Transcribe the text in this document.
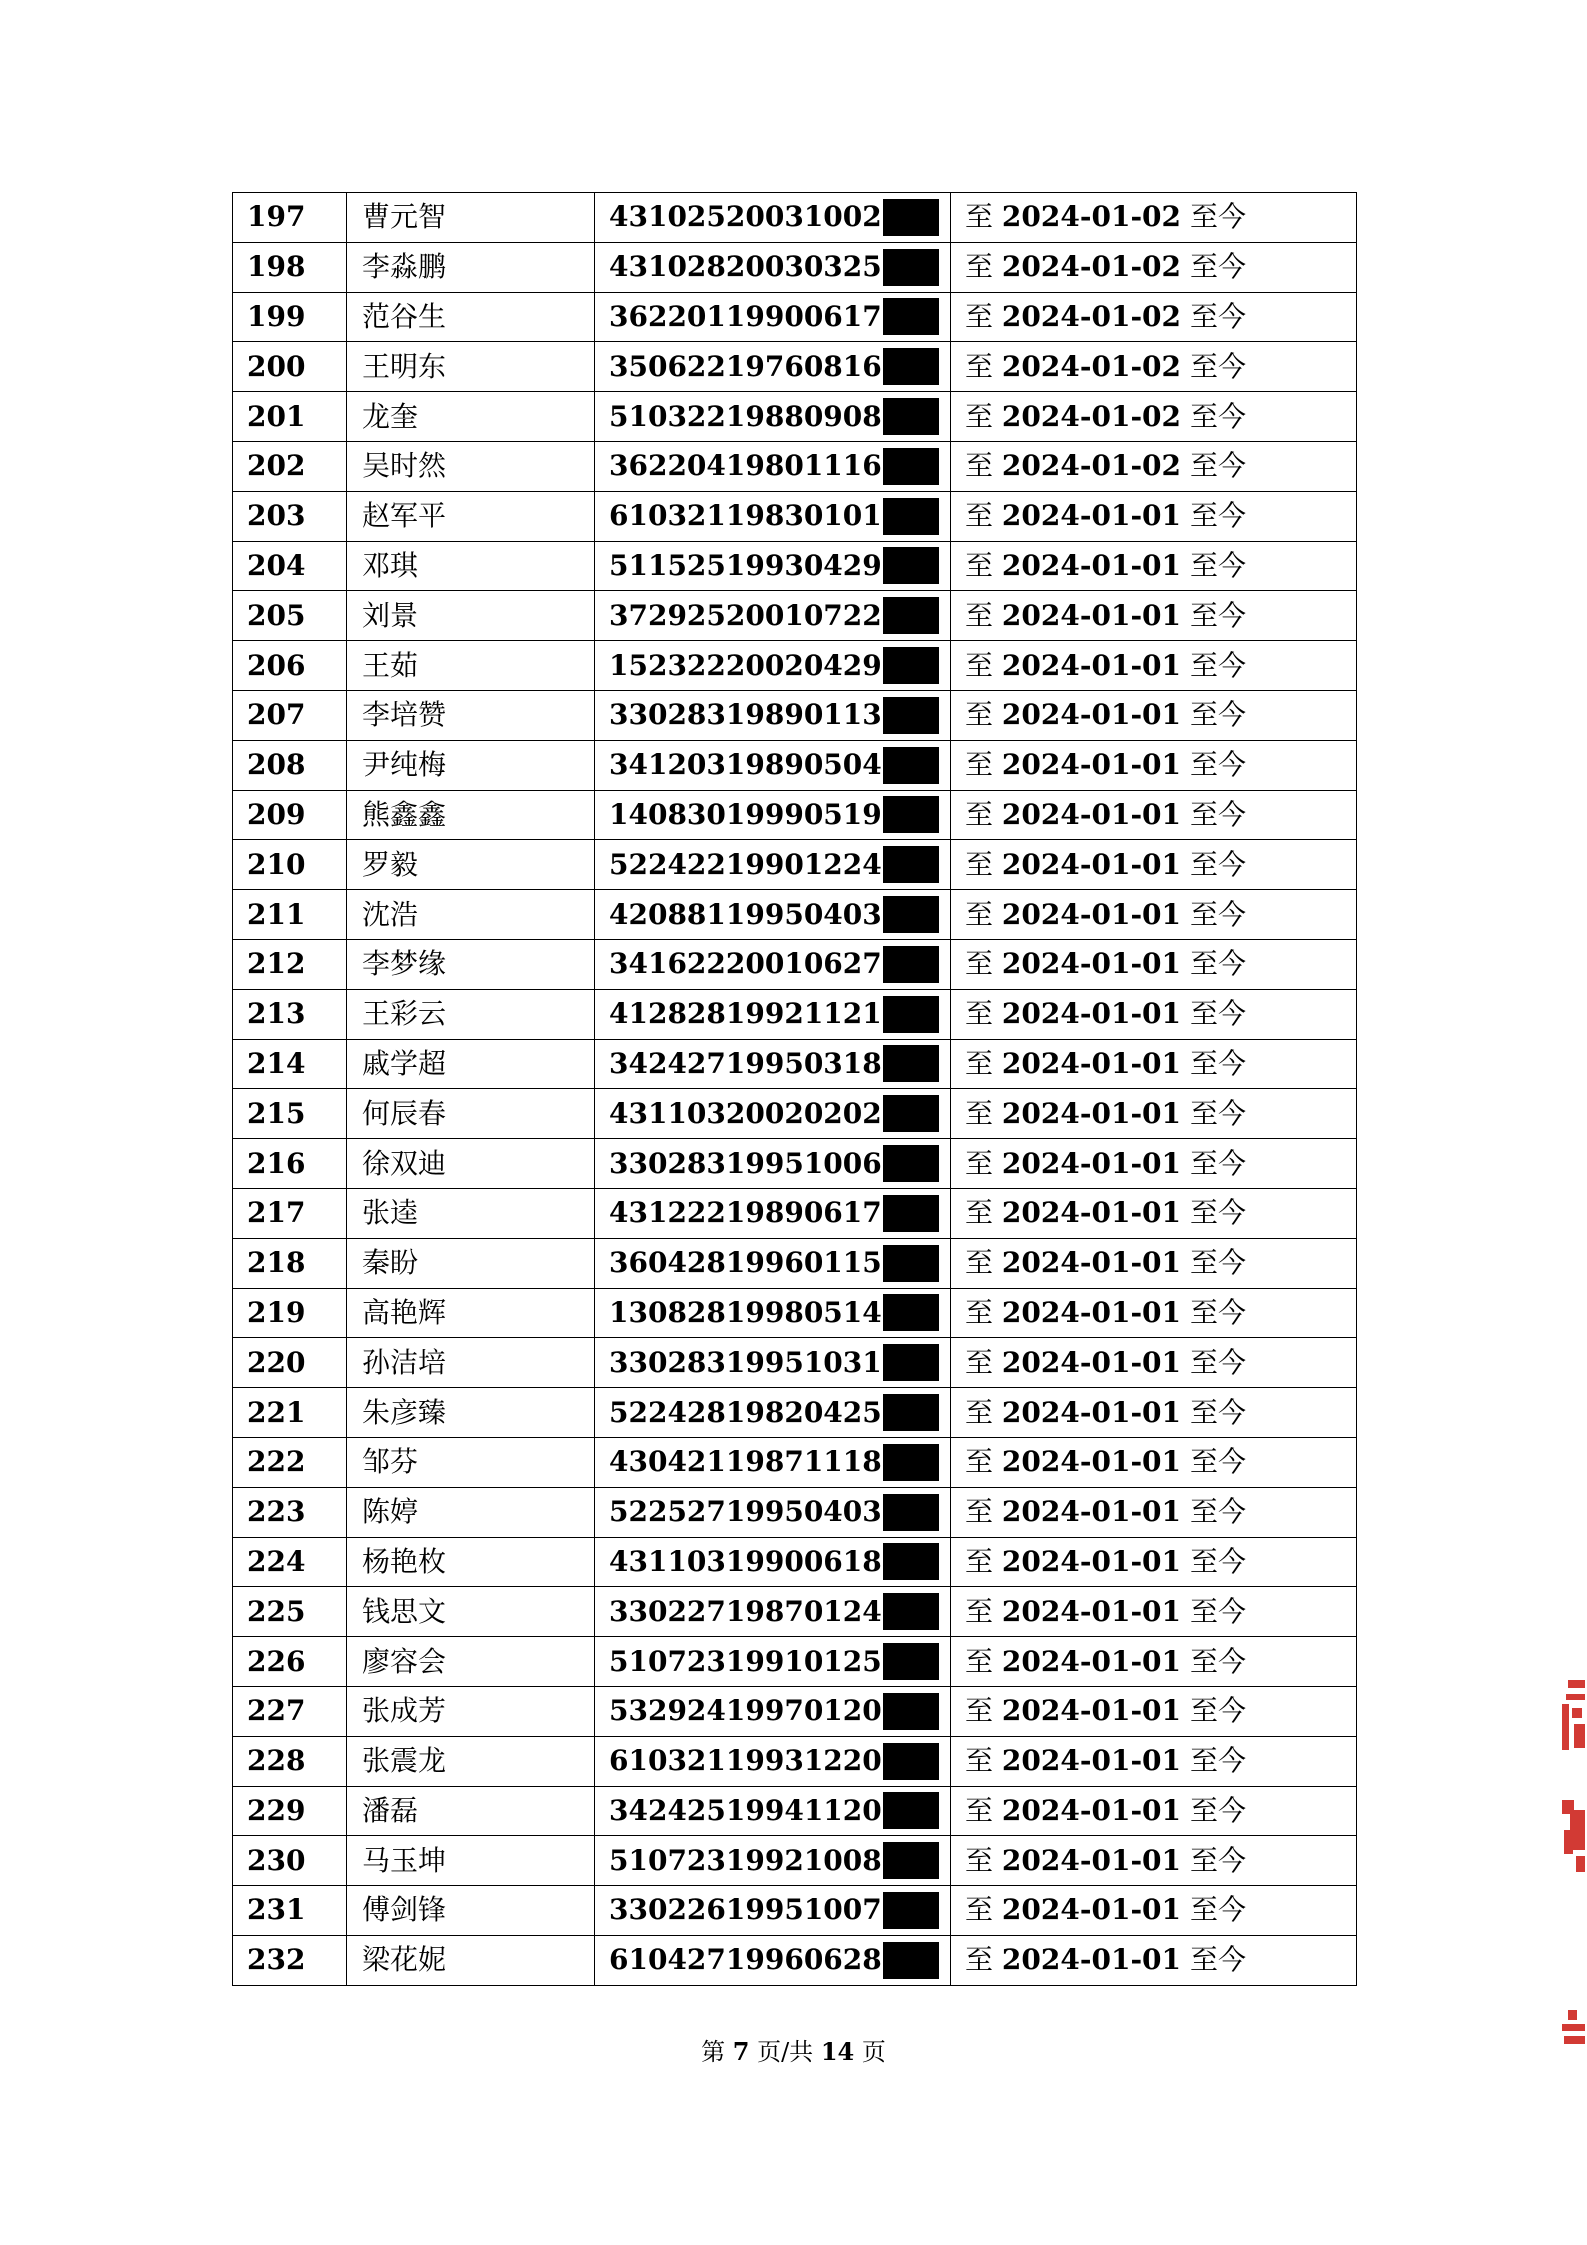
197	曹元智	43102520031002	至 2024-01-02 至今
198	李淼鹏	43102820030325	至 2024-01-02 至今
199	范谷生	36220119900617	至 2024-01-02 至今
200	王明东	35062219760816	至 2024-01-02 至今
201	龙奎	51032219880908	至 2024-01-02 至今
202	吴时然	36220419801116	至 2024-01-02 至今
203	赵军平	61032119830101	至 2024-01-01 至今
204	邓琪	51152519930429	至 2024-01-01 至今
205	刘景	37292520010722	至 2024-01-01 至今
206	王茹	15232220020429	至 2024-01-01 至今
207	李培赞	33028319890113	至 2024-01-01 至今
208	尹纯梅	34120319890504	至 2024-01-01 至今
209	熊鑫鑫	14083019990519	至 2024-01-01 至今
210	罗毅	52242219901224	至 2024-01-01 至今
211	沈浩	42088119950403	至 2024-01-01 至今
212	李梦缘	34162220010627	至 2024-01-01 至今
213	王彩云	41282819921121	至 2024-01-01 至今
214	戚学超	34242719950318	至 2024-01-01 至今
215	何辰春	43110320020202	至 2024-01-01 至今
216	徐双迪	33028319951006	至 2024-01-01 至今
217	张逵	43122219890617	至 2024-01-01 至今
218	秦盼	36042819960115	至 2024-01-01 至今
219	高艳辉	13082819980514	至 2024-01-01 至今
220	孙洁培	33028319951031	至 2024-01-01 至今
221	朱彦臻	52242819820425	至 2024-01-01 至今
222	邹芬	43042119871118	至 2024-01-01 至今
223	陈婷	52252719950403	至 2024-01-01 至今
224	杨艳枚	43110319900618	至 2024-01-01 至今
225	钱思文	33022719870124	至 2024-01-01 至今
226	廖容会	51072319910125	至 2024-01-01 至今
227	张成芳	53292419970120	至 2024-01-01 至今
228	张震龙	61032119931220	至 2024-01-01 至今
229	潘磊	34242519941120	至 2024-01-01 至今
230	马玉坤	51072319921008	至 2024-01-01 至今
231	傅剑锋	33022619951007	至 2024-01-01 至今
232	梁花妮	61042719960628	至 2024-01-01 至今
第 7 页/共 14 页
